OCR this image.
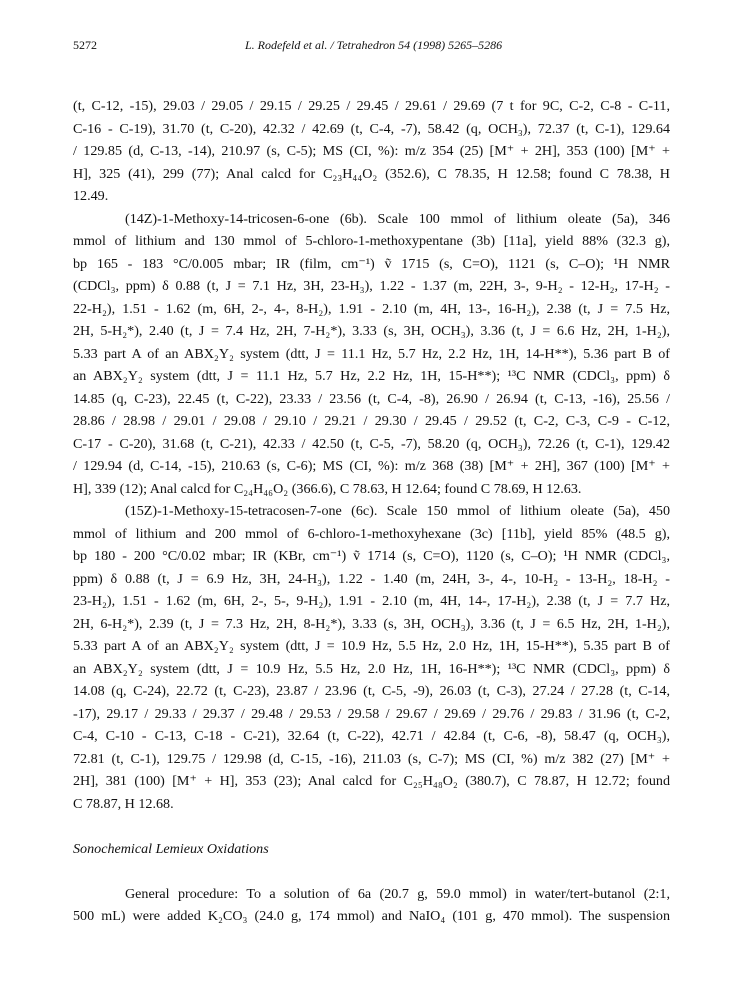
5272	L. Rodefeld et al. / Tetrahedron 54 (1998) 5265–5286
(t, C-12, -15), 29.03 / 29.05 / 29.15 / 29.25 / 29.45 / 29.61 / 29.69 (7 t for 9C, C-2, C-8 - C-11,
C-16 - C-19), 31.70 (t, C-20), 42.32 / 42.69 (t, C-4, -7), 58.42 (q, OCH₃), 72.37 (t, C-1), 129.64
/ 129.85 (d, C-13, -14), 210.97 (s, C-5); MS (CI, %): m/z 354 (25) [M⁺ + 2H], 353 (100) [M⁺ +
H], 325 (41), 299 (77); Anal calcd for C₂₃H₄₄O₂ (352.6), C 78.35, H 12.58; found C 78.38, H
12.49.
(14Z)-1-Methoxy-14-tricosen-6-one (6b). Scale 100 mmol of lithium oleate (5a), 346
mmol of lithium and 130 mmol of 5-chloro-1-methoxypentane (3b) [11a], yield 88% (32.3 g),
bp 165 - 183 °C/0.005 mbar; IR (film, cm⁻¹) ṽ 1715 (s, C=O), 1121 (s, C–O); ¹H NMR
(CDCl₃, ppm) δ 0.88 (t, J = 7.1 Hz, 3H, 23-H₃), 1.22 - 1.37 (m, 22H, 3-, 9-H₂ - 12-H₂, 17-H₂ -
22-H₂), 1.51 - 1.62 (m, 6H, 2-, 4-, 8-H₂), 1.91 - 2.10 (m, 4H, 13-, 16-H₂), 2.38 (t, J = 7.5 Hz,
2H, 5-H₂*), 2.40 (t, J = 7.4 Hz, 2H, 7-H₂*), 3.33 (s, 3H, OCH₃), 3.36 (t, J = 6.6 Hz, 2H, 1-H₂),
5.33 part A of an ABX₂Y₂ system (dtt, J = 11.1 Hz, 5.7 Hz, 2.2 Hz, 1H, 14-H**), 5.36 part B of
an ABX₂Y₂ system (dtt, J = 11.1 Hz, 5.7 Hz, 2.2 Hz, 1H, 15-H**); ¹³C NMR (CDCl₃, ppm) δ
14.85 (q, C-23), 22.45 (t, C-22), 23.33 / 23.56 (t, C-4, -8), 26.90 / 26.94 (t, C-13, -16), 25.56 /
28.86 / 28.98 / 29.01 / 29.08 / 29.10 / 29.21 / 29.30 / 29.45 / 29.52 (t, C-2, C-3, C-9 - C-12,
C-17 - C-20), 31.68 (t, C-21), 42.33 / 42.50 (t, C-5, -7), 58.20 (q, OCH₃), 72.26 (t, C-1), 129.42
/ 129.94 (d, C-14, -15), 210.63 (s, C-6); MS (CI, %): m/z 368 (38) [M⁺ + 2H], 367 (100) [M⁺ +
H], 339 (12); Anal calcd for C₂₄H₄₆O₂ (366.6), C 78.63, H 12.64; found C 78.69, H 12.63.
(15Z)-1-Methoxy-15-tetracosen-7-one (6c). Scale 150 mmol of lithium oleate (5a), 450
mmol of lithium and 200 mmol of 6-chloro-1-methoxyhexane (3c) [11b], yield 85% (48.5 g),
bp 180 - 200 °C/0.02 mbar; IR (KBr, cm⁻¹) ṽ 1714 (s, C=O), 1120 (s, C–O); ¹H NMR (CDCl₃,
ppm) δ 0.88 (t, J = 6.9 Hz, 3H, 24-H₃), 1.22 - 1.40 (m, 24H, 3-, 4-, 10-H₂ - 13-H₂, 18-H₂ -
23-H₂), 1.51 - 1.62 (m, 6H, 2-, 5-, 9-H₂), 1.91 - 2.10 (m, 4H, 14-, 17-H₂), 2.38 (t, J = 7.7 Hz,
2H, 6-H₂*), 2.39 (t, J = 7.3 Hz, 2H, 8-H₂*), 3.33 (s, 3H, OCH₃), 3.36 (t, J = 6.5 Hz, 2H, 1-H₂),
5.33 part A of an ABX₂Y₂ system (dtt, J = 10.9 Hz, 5.5 Hz, 2.0 Hz, 1H, 15-H**), 5.35 part B of
an ABX₂Y₂ system (dtt, J = 10.9 Hz, 5.5 Hz, 2.0 Hz, 1H, 16-H**); ¹³C NMR (CDCl₃, ppm) δ
14.08 (q, C-24), 22.72 (t, C-23), 23.87 / 23.96 (t, C-5, -9), 26.03 (t, C-3), 27.24 / 27.28 (t, C-14,
-17), 29.17 / 29.33 / 29.37 / 29.48 / 29.53 / 29.58 / 29.67 / 29.69 / 29.76 / 29.83 / 31.96 (t, C-2,
C-4, C-10 - C-13, C-18 - C-21), 32.64 (t, C-22), 42.71 / 42.84 (t, C-6, -8), 58.47 (q, OCH₃),
72.81 (t, C-1), 129.75 / 129.98 (d, C-15, -16), 211.03 (s, C-7); MS (CI, %) m/z 382 (27) [M⁺ +
2H], 381 (100) [M⁺ + H], 353 (23); Anal calcd for C₂₅H₄₈O₂ (380.7), C 78.87, H 12.72; found
C 78.87, H 12.68.
Sonochemical Lemieux Oxidations
General procedure: To a solution of 6a (20.7 g, 59.0 mmol) in water/tert-butanol (2:1,
500 mL) were added K₂CO₃ (24.0 g, 174 mmol) and NaIO₄ (101 g, 470 mmol). The suspension
